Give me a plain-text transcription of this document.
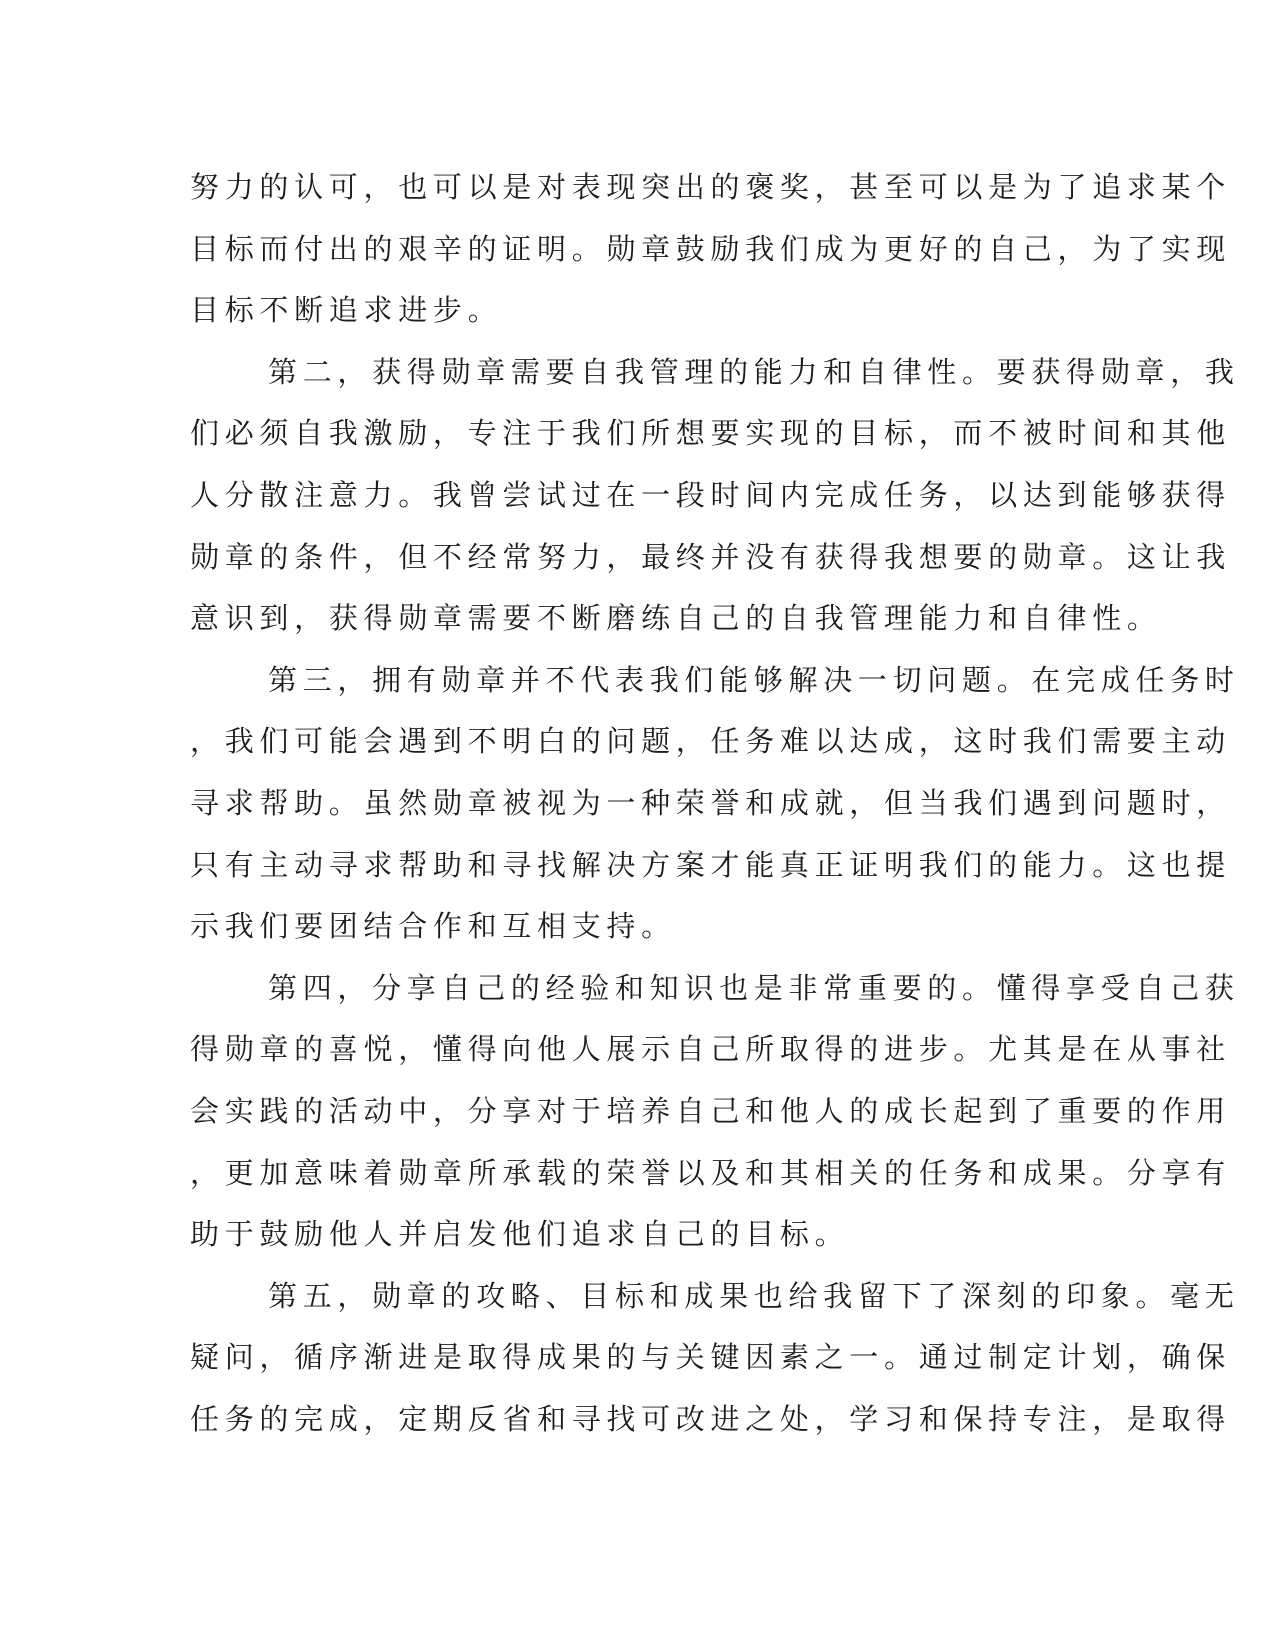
努力的认可，也可以是对表现突出的褒奖，甚至可以是为了追求某个
目标而付出的艰辛的证明。勋章鼓励我们成为更好的自己，为了实现
目标不断追求进步。
第二，获得勋章需要自我管理的能力和自律性。要获得勋章，我
们必须自我激励，专注于我们所想要实现的目标，而不被时间和其他
人分散注意力。我曾尝试过在一段时间内完成任务，以达到能够获得
勋章的条件，但不经常努力，最终并没有获得我想要的勋章。这让我
意识到，获得勋章需要不断磨练自己的自我管理能力和自律性。
第三，拥有勋章并不代表我们能够解决一切问题。在完成任务时
，我们可能会遇到不明白的问题，任务难以达成，这时我们需要主动
寻求帮助。虽然勋章被视为一种荣誉和成就，但当我们遇到问题时，
只有主动寻求帮助和寻找解决方案才能真正证明我们的能力。这也提
示我们要团结合作和互相支持。
第四，分享自己的经验和知识也是非常重要的。懂得享受自己获
得勋章的喜悦，懂得向他人展示自己所取得的进步。尤其是在从事社
会实践的活动中，分享对于培养自己和他人的成长起到了重要的作用
，更加意味着勋章所承载的荣誉以及和其相关的任务和成果。分享有
助于鼓励他人并启发他们追求自己的目标。
第五，勋章的攻略、目标和成果也给我留下了深刻的印象。毫无
疑问，循序渐进是取得成果的与关键因素之一。通过制定计划，确保
任务的完成，定期反省和寻找可改进之处，学习和保持专注，是取得
